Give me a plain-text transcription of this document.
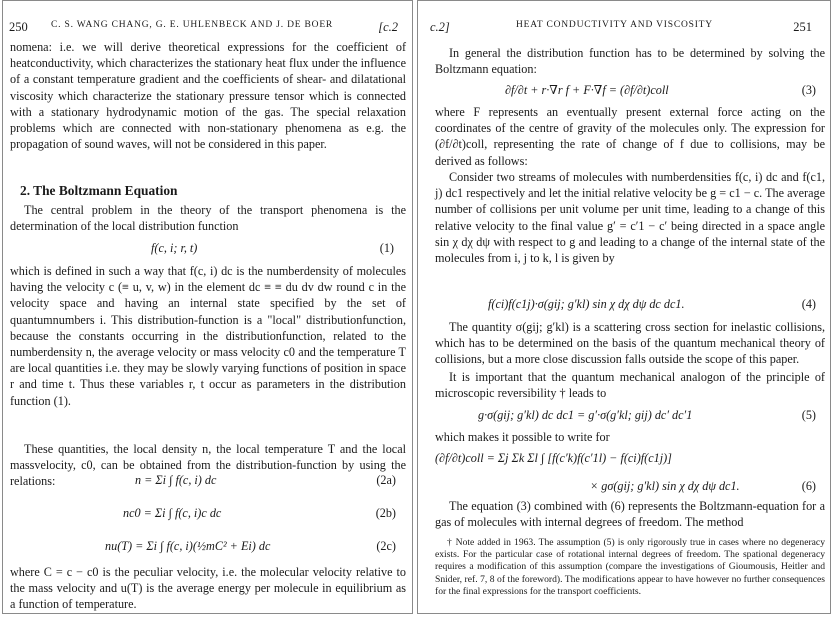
250 C. S. WANG CHANG, G. E. UHLENBECK AND J. DE BOER	[c.2

nomena: i.e. we will derive theoretical expressions for the coefficient of heatconductivity, which characterizes the stationary heat flux under the influence of a constant temperature gradient and the coefficients of shear- and dilatational viscosity which characterize the stationary pressure tensor which is connected with a stationary hydrodynamic motion of the gas. The special relaxation problems which are connected with non-stationary phenomena as e.g. the propagation of sound waves, will not be considered in this paper.

2. The Boltzmann Equation

The central problem in the theory of the transport phenomena is the determination of the local distribution function

f(c, i; r, t)	(1)

which is defined in such a way that f(c, i) dc is the numberdensity of molecules having the velocity c (≡ u, v, w) in the element dc ≡ ≡ du dv dw round c in the velocity space and having an internal state specified by the set of quantumnumbers i. This distribution-function is a "local" distributionfunction, because the constants occurring in the distributionfunction, related to the numberdensity n, the average velocity or mass velocity c0 and the temperature T are local quantities i.e. they may be slowly varying functions of position in space r and time t. Thus these variables r, t occur as parameters in the distribution function (1).

These quantities, the local density n, the local temperature T and the local massvelocity, c0, can be obtained from the distribution-function by using the relations:	n = Σi ∫ f(c, i) dc	(2a)
nc0 = Σi ∫ f(c, i)c dc	(2b)
nu(T) = Σi ∫ f(c, i)(½mC² + Ei) dc	(2c)

where C = c − c0 is the peculiar velocity, i.e. the molecular velocity relative to the mass velocity and u(T) is the average energy per molecule in equilibrium as a function of temperature.

c.2]	HEAT CONDUCTIVITY AND VISCOSITY	251

In general the distribution function has to be determined by solving the Boltzmann equation:

∂f/∂t + r·∇r f + F·∇f = (∂f/∂t)coll	(3)

where F represents an eventually present external force acting on the coordinates of the centre of gravity of the molecules only. The expression for (∂f/∂t)coll, representing the rate of change of f due to collisions, may be derived as follows:

Consider two streams of molecules with numberdensities f(c, i) dc and f(c1, j) dc1 respectively and let the initial relative velocity be g = c1 − c. The average number of collisions per unit volume per unit time, leading to a change of this relative velocity to the final value g′ = c′1 − c′ being directed in a space angle sin χ dχ dψ with respect to g and leading to a change of the internal state of the molecules from i, j to k, l is given by

f(ci)f(c1j)·σ(gij; g′kl) sin χ dχ dψ dc dc1.	(4)

The quantity σ(gij; g′kl) is a scattering cross section for inelastic collisions, which has to be determined on the basis of the quantum mechanical theory of collisions, but a more close discussion falls outside the scope of this paper.

It is important that the quantum mechanical analogon of the principle of microscopic reversibility † leads to

g·σ(gij; g′kl) dc dc1 = g′·σ(g′kl; gij) dc′ dc′1	(5)

which makes it possible to write for

(∂f/∂t)coll = Σj Σk Σl ∫ [f(c′k)f(c′1l) − f(ci)f(c1j)]
× gσ(gij; g′kl) sin χ dχ dψ dc1.	(6)

The equation (3) combined with (6) represents the Boltzmann-equation for a gas of molecules with internal degrees of freedom. The method

† Note added in 1963. The assumption (5) is only rigorously true in cases where no degeneracy exists. For the particular case of rotational internal degrees of freedom. The spational degeneracy requires a modification of this assumption (compare the investigations of Gioumousis, Heitler and Snider, ref. 7, 8 of the foreword). The modifications appear to have however no further consequences for the final expressions for the transport coefficients.
